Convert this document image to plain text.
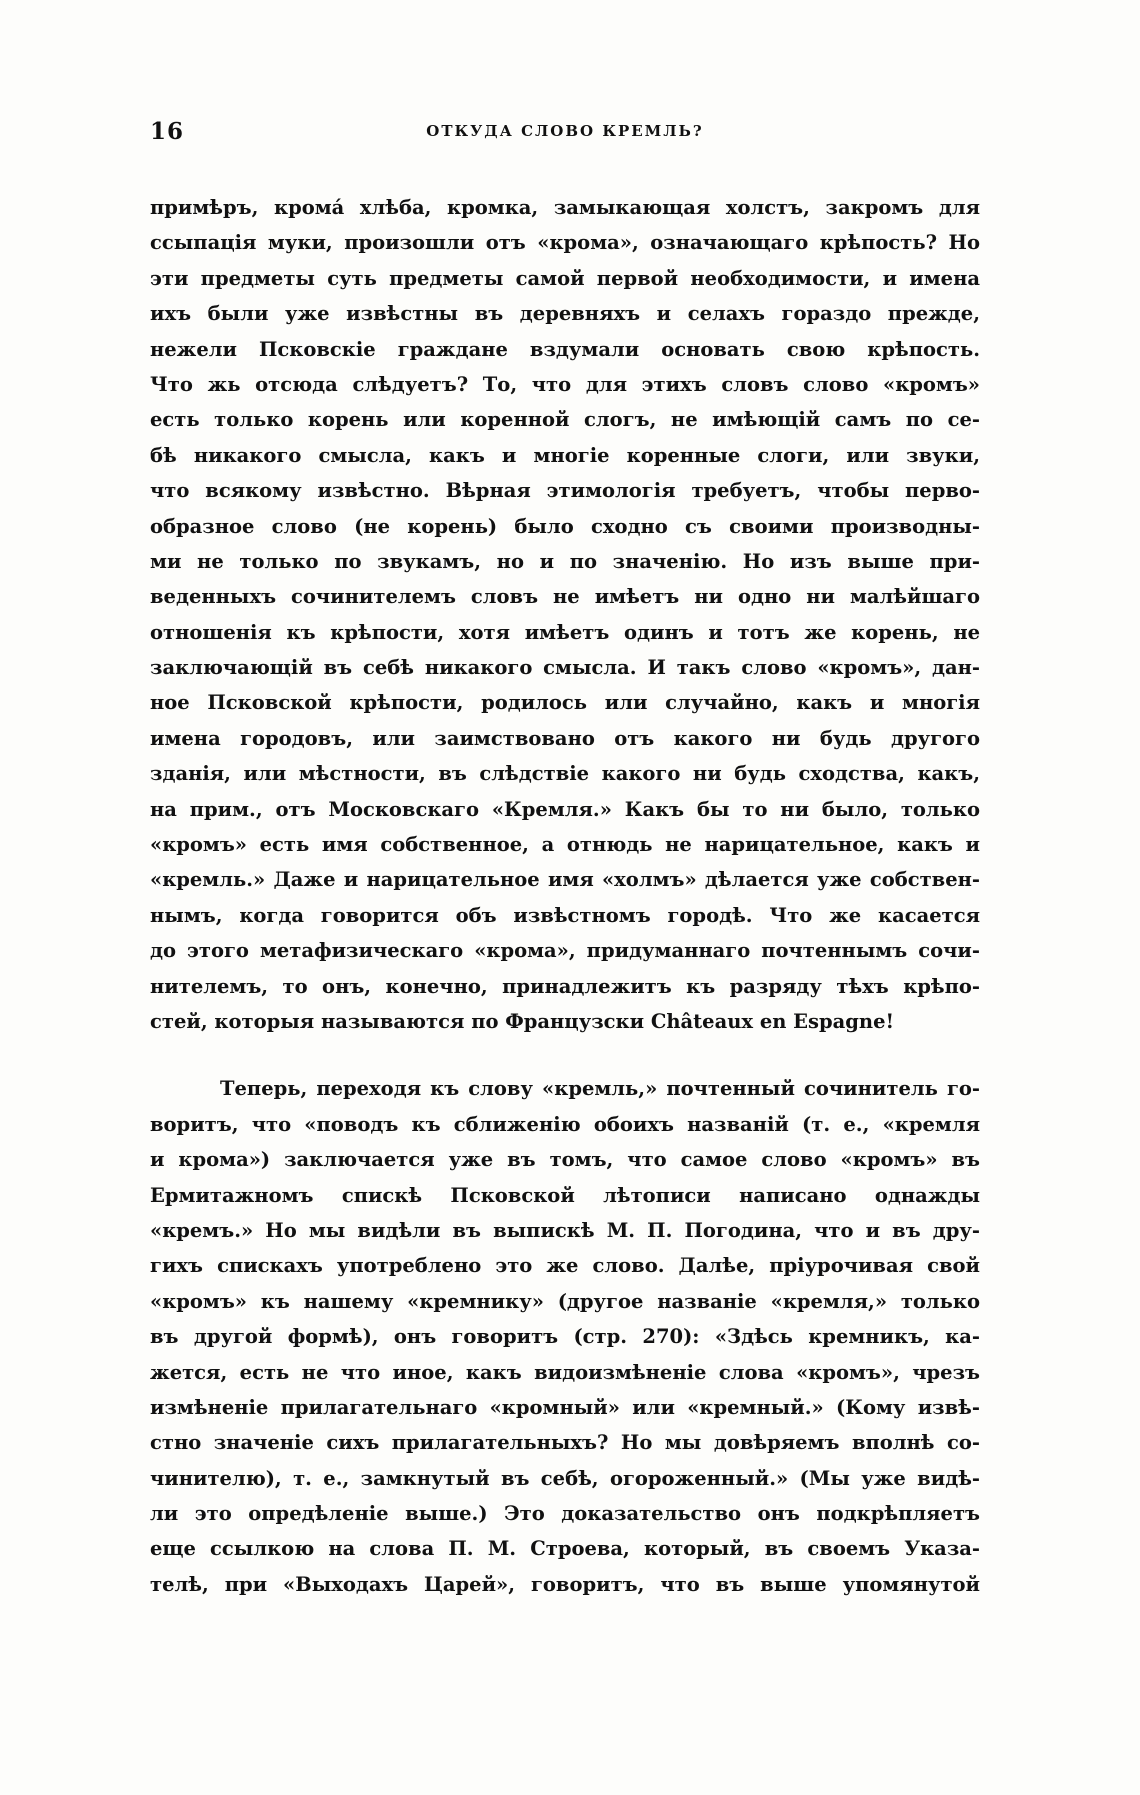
16	ОТКУДА СЛОВО КРЕМЛЬ?
примѣръ, крома́ хлѣба, кромка, замыкающая холстъ, закромъ для
ссыпація муки, произошли отъ «крома», означающаго крѣпость? Но
эти предметы суть предметы самой первой необходимости, и имена
ихъ были уже извѣстны въ деревняхъ и селахъ гораздо прежде,
нежели Псковскіе граждане вздумали основать свою крѣпость.
Что жь отсюда слѣдуетъ? То, что для этихъ словъ слово «кромъ»
есть только корень или коренной слогъ, не имѣющій самъ по се-
бѣ никакого смысла, какъ и многіе коренные слоги, или звуки,
что всякому извѣстно. Вѣрная этимологія требуетъ, чтобы перво-
образное слово (не корень) было сходно съ своими производны-
ми не только по звукамъ, но и по значенію. Но изъ выше при-
веденныхъ сочинителемъ словъ не имѣетъ ни одно ни малѣйшаго
отношенія къ крѣпости, хотя имѣетъ одинъ и тотъ же корень, не
заключающій въ себѣ никакого смысла. И такъ слово «кромъ», дан-
ное Псковской крѣпости, родилось или случайно, какъ и многія
имена городовъ, или заимствовано отъ какого ни будь другого
зданія, или мѣстности, въ слѣдствіе какого ни будь сходства, какъ,
на прим., отъ Московскаго «Кремля.» Какъ бы то ни было, только
«кромъ» есть имя собственное, а отнюдь не нарицательное, какъ и
«кремль.» Даже и нарицательное имя «холмъ» дѣлается уже собствен-
нымъ, когда говорится объ извѣстномъ городѣ. Что же касается
до этого метафизическаго «крома», придуманнаго почтеннымъ сочи-
нителемъ, то онъ, конечно, принадлежитъ къ разряду тѣхъ крѣпо-
стей, которыя называются по Французски Châteaux en Espagne!
Теперь, переходя къ слову «кремль,» почтенный сочинитель го-
воритъ, что «поводъ къ сближенію обоихъ названій (т. е., «кремля
и крома») заключается уже въ томъ, что самое слово «кромъ» въ
Ермитажномъ спискѣ Псковской лѣтописи написано однажды
«кремъ.» Но мы видѣли въ выпискѣ М. П. Погодина, что и въ дру-
гихъ спискахъ употреблено это же слово. Далѣе, пріурочивая свой
«кромъ» къ нашему «кремнику» (другое названіе «кремля,» только
въ другой формѣ), онъ говоритъ (стр. 270): «Здѣсь кремникъ, ка-
жется, есть не что иное, какъ видоизмѣненіе слова «кромъ», чрезъ
измѣненіе прилагательнаго «кромный» или «кремный.» (Кому извѣ-
стно значеніе сихъ прилагательныхъ? Но мы довѣряемъ вполнѣ со-
чинителю), т. е., замкнутый въ себѣ, огороженный.» (Мы уже видѣ-
ли это опредѣленіе выше.) Это доказательство онъ подкрѣпляетъ
еще ссылкою на слова П. М. Строева, который, въ своемъ Указа-
телѣ, при «Выходахъ Царей», говоритъ, что въ выше упомянутой
